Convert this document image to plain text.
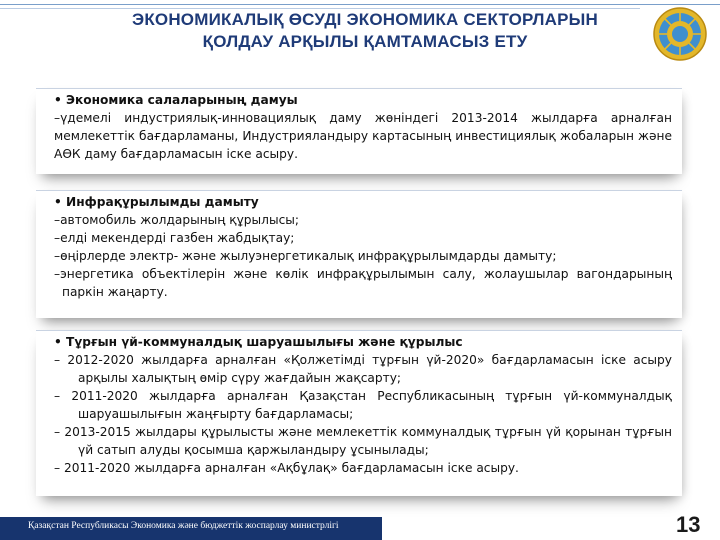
ЭКОНОМИКАЛЫҚ ӨСУДІ ЭКОНОМИКА СЕКТОРЛАРЫН
ҚОЛДАУ АРҚЫЛЫ ҚАМТАМАСЫЗ ЕТУ
• Экономика салаларының дамуы
–үдемелі индустриялық-инновациялық даму жөніндегі 2013-2014 жылдарға арналған мемлекеттік бағдарламаны, Индустрияландыру картасының инвестициялық жобаларын және АӨК даму бағдарламасын іске асыру.
• Инфрақұрылымды дамыту
–автомобиль жолдарының құрылысы;
–елді мекендерді газбен жабдықтау;
–өңірлерде электр- және жылуэнергетикалық инфрақұрылымдарды дамыту;
–энергетика объектілерін және көлік инфрақұрылымын салу, жолаушылар вагондарының паркін жаңарту.
• Тұрғын үй-коммуналдық шаруашылығы және құрылыс
– 2012-2020 жылдарға арналған «Қолжетімді тұрғын үй-2020» бағдарламасын іске асыру арқылы халықтың өмір сүру жағдайын жақсарту;
– 2011-2020 жылдарға арналған Қазақстан Республикасының тұрғын үй-коммуналдық шаруашылығын жаңғырту бағдарламасы;
– 2013-2015 жылдары құрылысты және мемлекеттік коммуналдық тұрғын үй қорынан тұрғын үй сатып алуды қосымша қаржыландыру ұсынылады;
– 2011-2020 жылдарға арналған «Ақбұлақ» бағдарламасын іске асыру.
Қазақстан Республикасы Экономика және бюджеттік жоспарлау министрлігі	13
